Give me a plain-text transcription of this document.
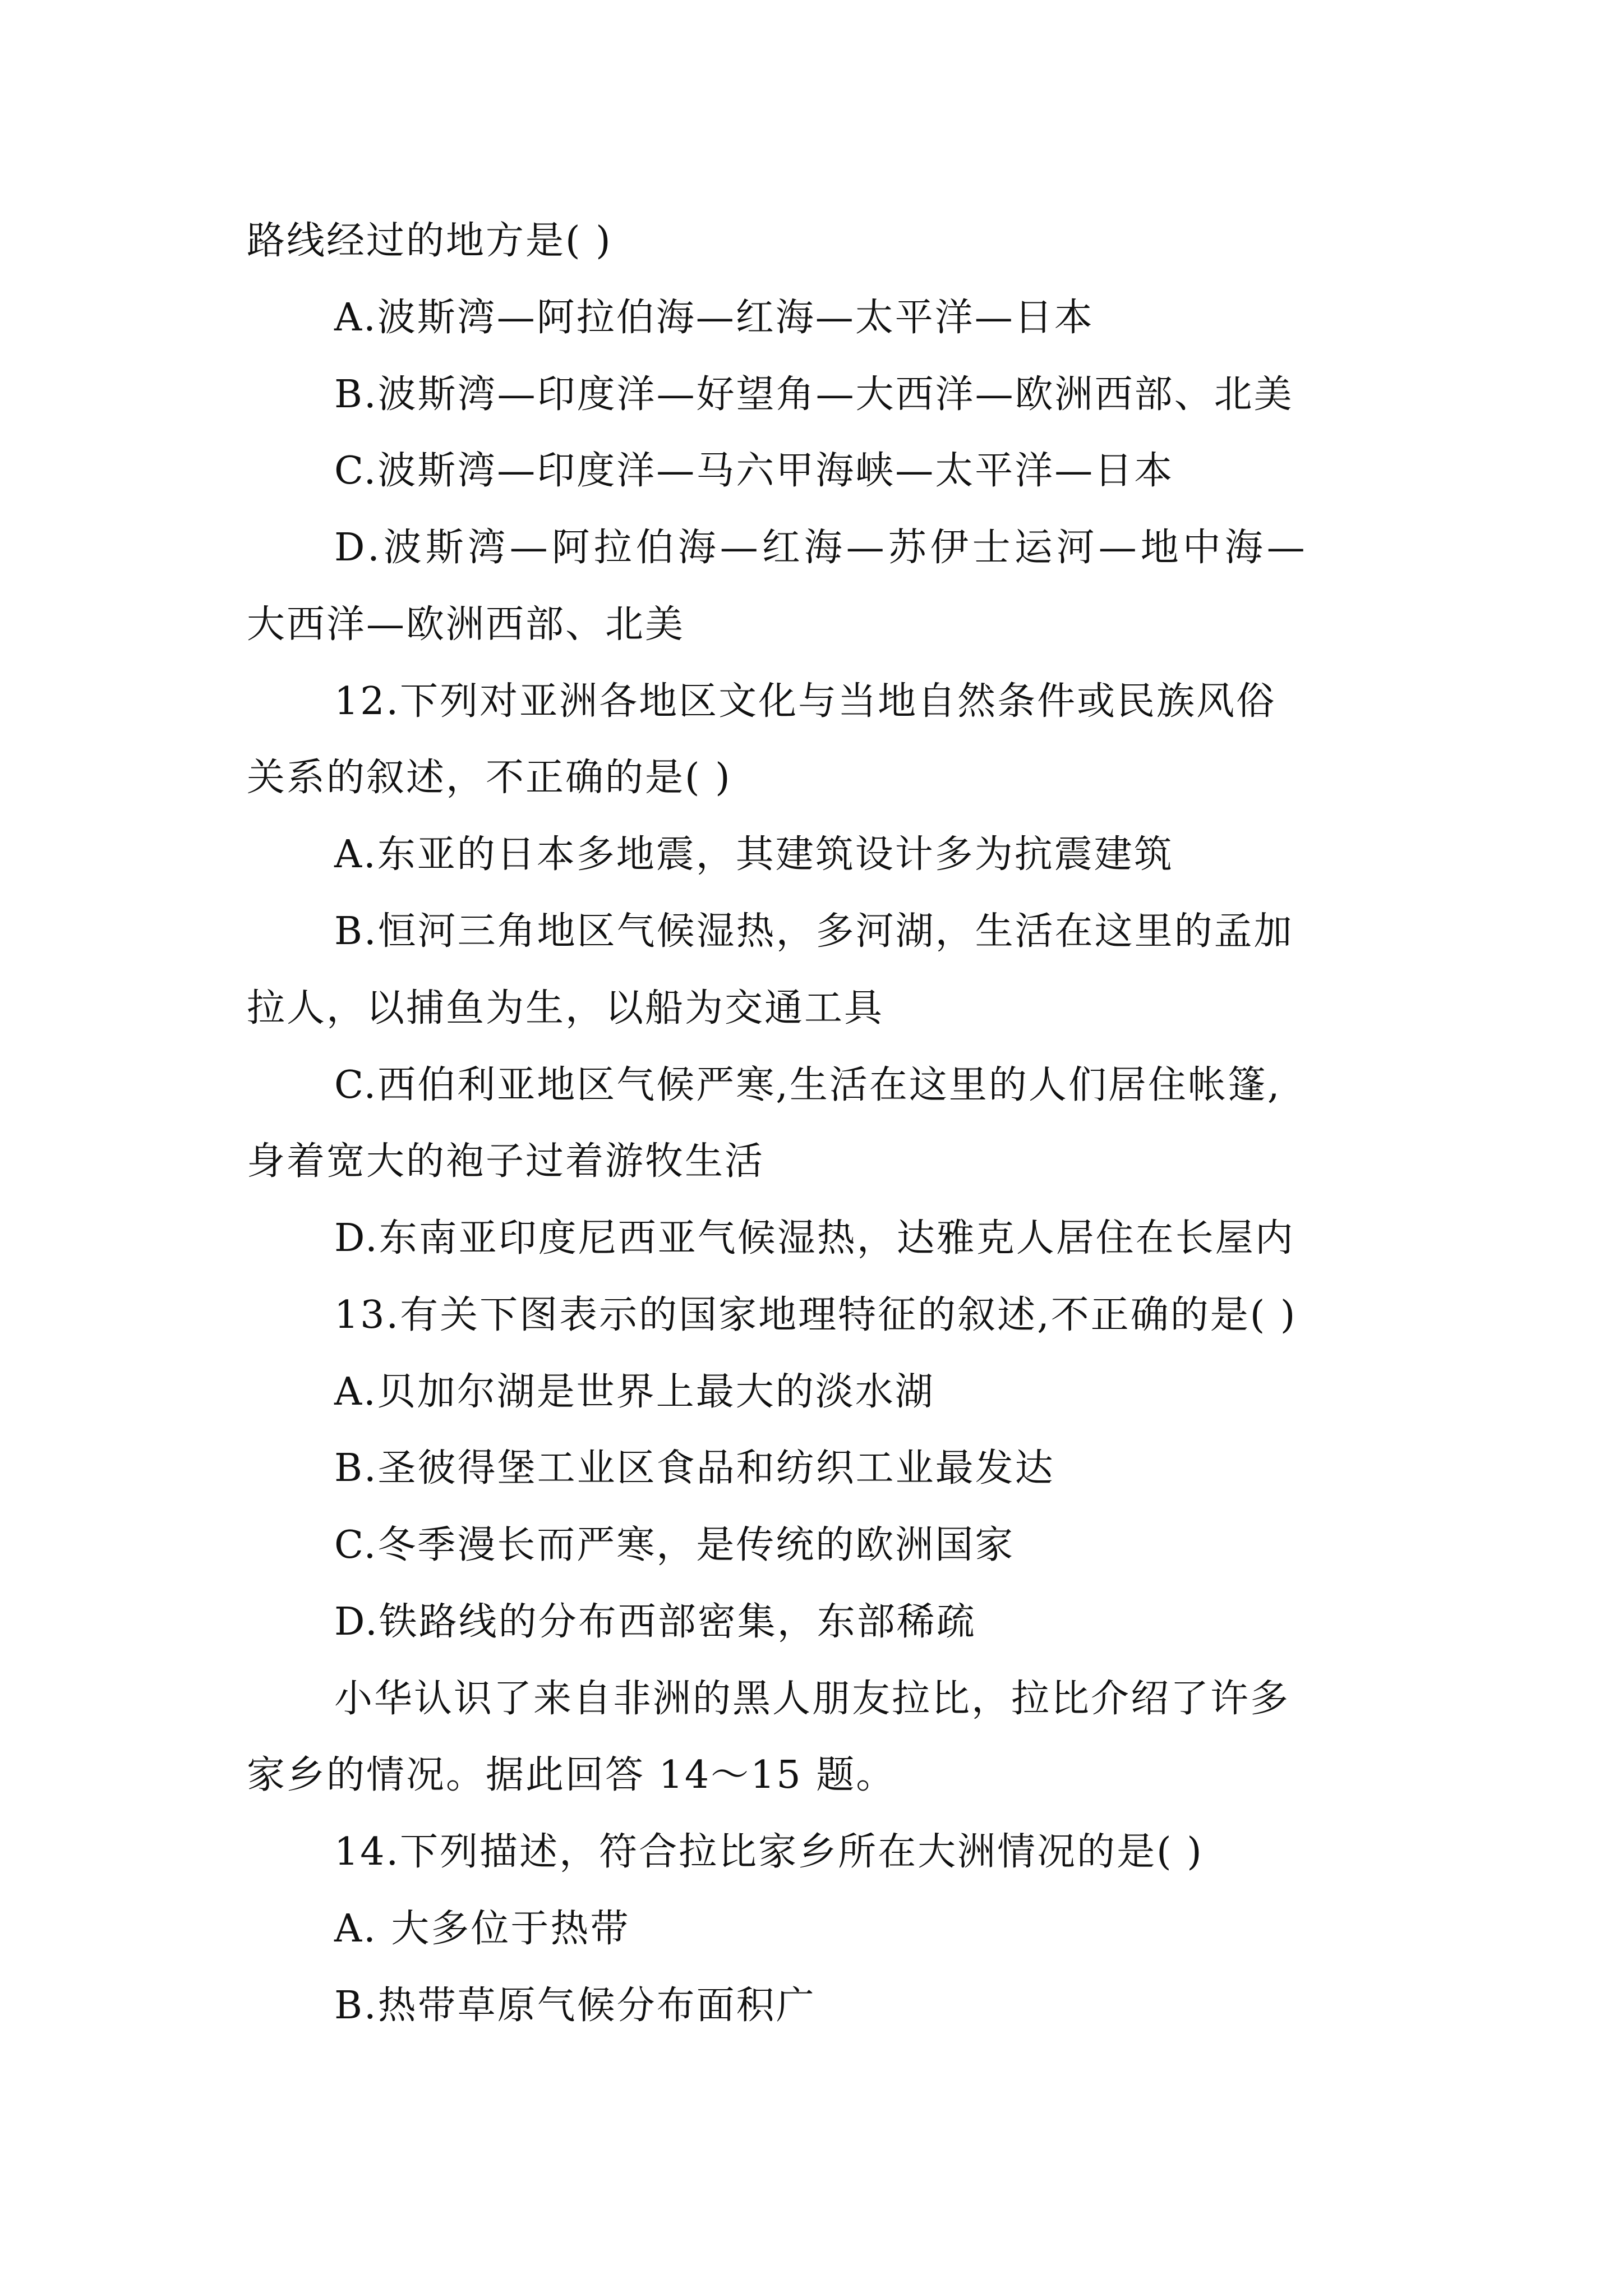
路线经过的地方是( )
A.波斯湾—阿拉伯海—红海—太平洋—日本
B.波斯湾—印度洋—好望角—大西洋—欧洲西部、北美
C.波斯湾—印度洋—马六甲海峡—太平洋—日本
D.波斯湾—阿拉伯海—红海—苏伊士运河—地中海—
大西洋—欧洲西部、北美
12.下列对亚洲各地区文化与当地自然条件或民族风俗
关系的叙述，不正确的是( )
A.东亚的日本多地震，其建筑设计多为抗震建筑
B.恒河三角地区气候湿热，多河湖，生活在这里的孟加
拉人，以捕鱼为生，以船为交通工具
C.西伯利亚地区气候严寒,生活在这里的人们居住帐篷,
身着宽大的袍子过着游牧生活
D.东南亚印度尼西亚气候湿热，达雅克人居住在长屋内
13.有关下图表示的国家地理特征的叙述,不正确的是( )
A.贝加尔湖是世界上最大的淡水湖
B.圣彼得堡工业区食品和纺织工业最发达
C.冬季漫长而严寒，是传统的欧洲国家
D.铁路线的分布西部密集，东部稀疏
小华认识了来自非洲的黑人朋友拉比，拉比介绍了许多
家乡的情况。据此回答 14～15 题。
14.下列描述，符合拉比家乡所在大洲情况的是( )
A. 大多位于热带
B.热带草原气候分布面积广
